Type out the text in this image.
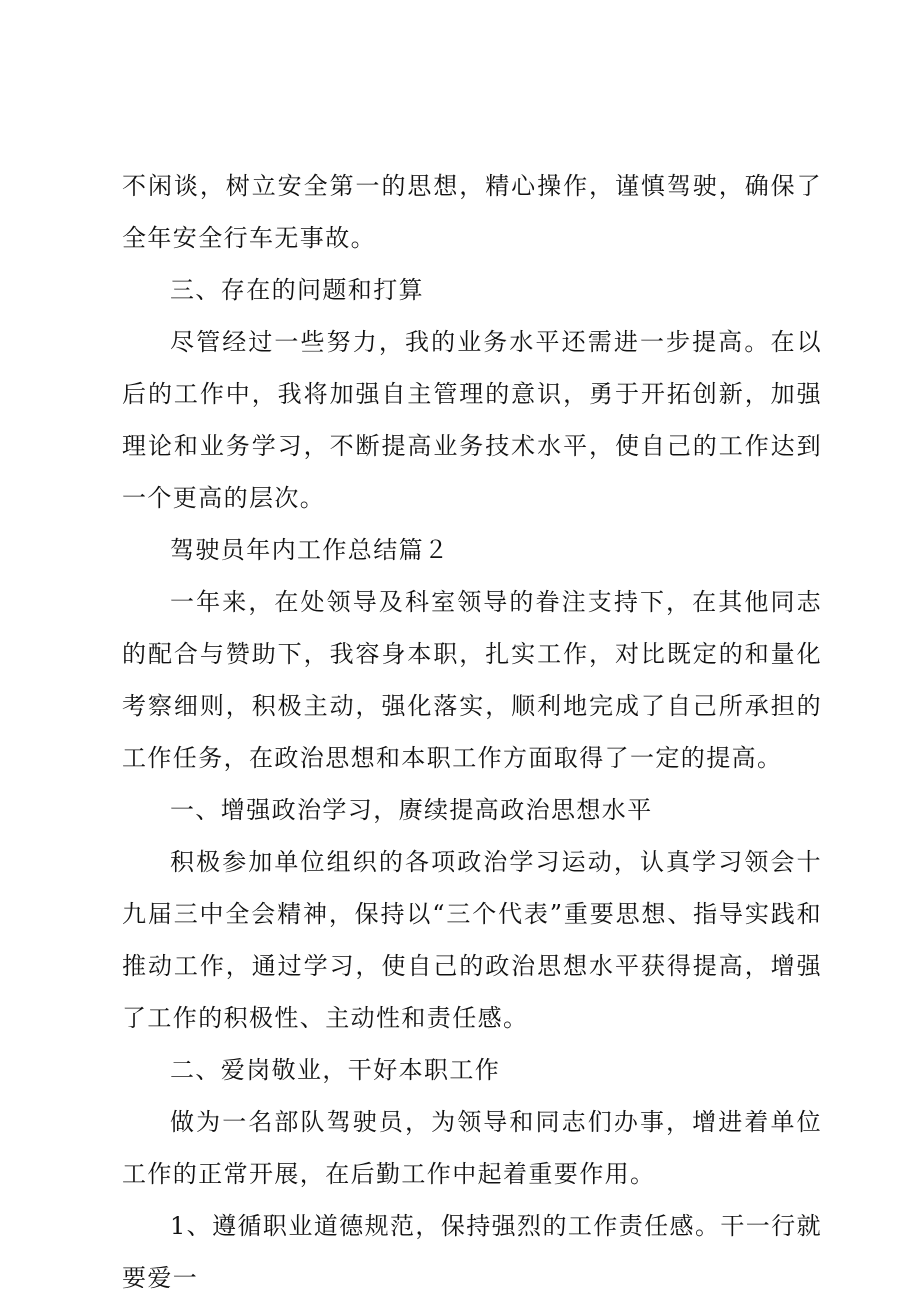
不闲谈，树立安全第一的思想，精心操作，谨慎驾驶，确保了全年安全行车无事故。

三、存在的问题和打算

尽管经过一些努力，我的业务水平还需进一步提高。在以后的工作中，我将加强自主管理的意识，勇于开拓创新，加强理论和业务学习，不断提高业务技术水平，使自己的工作达到一个更高的层次。

驾驶员年内工作总结篇２

一年来，在处领导及科室领导的眷注支持下，在其他同志的配合与赞助下，我容身本职，扎实工作，对比既定的和量化考察细则，积极主动，强化落实，顺利地完成了自己所承担的工作任务，在政治思想和本职工作方面取得了一定的提高。

一、增强政治学习，赓续提高政治思想水平

积极参加单位组织的各项政治学习运动，认真学习领会十九届三中全会精神，保持以“三个代表”重要思想、指导实践和推动工作，通过学习，使自己的政治思想水平获得提高，增强了工作的积极性、主动性和责任感。

二、爱岗敬业，干好本职工作

做为一名部队驾驶员，为领导和同志们办事，增进着单位工作的正常开展，在后勤工作中起着重要作用。

1、遵循职业道德规范，保持强烈的工作责任感。干一行就要爱一
